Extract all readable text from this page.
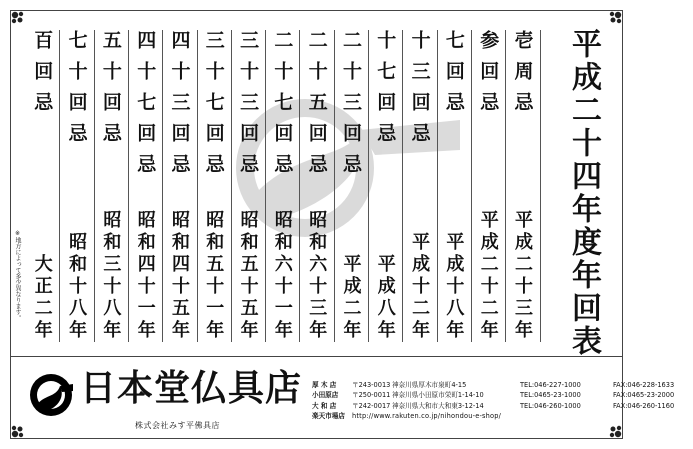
壱周忌
平成二十三年
参回忌
平成二十二年
七回忌
平成十八年
十三回忌
平成十二年
十七回忌
平成八年
二十三回忌
平成二年
二十五回忌
昭和六十三年
二十七回忌
昭和六十一年
三十三回忌
昭和五十五年
三十七回忌
昭和五十一年
四十三回忌
昭和四十五年
四十七回忌
昭和四十一年
五十回忌
昭和三十八年
七十回忌
昭和十八年
百回忌
大正二年	平成二十四年度年回表
※地方によって多少異なります。
日本堂仏具店
株式会社みす平佛具店
厚 木 店	〒243-0013 神奈川県厚木市泉町4-15	TEL:046-227-1000	FAX:046-228-1633
小田原店	〒250-0011 神奈川県小田原市栄町1-14-10	TEL:0465-23-1000	FAX:0465-23-2000
大 和 店	〒242-0017 神奈川県大和市大和東3-12-14	TEL:046-260-1000	FAX:046-260-1160
楽天市場店	http://www.rakuten.co.jp/nihondou-e-shop/
